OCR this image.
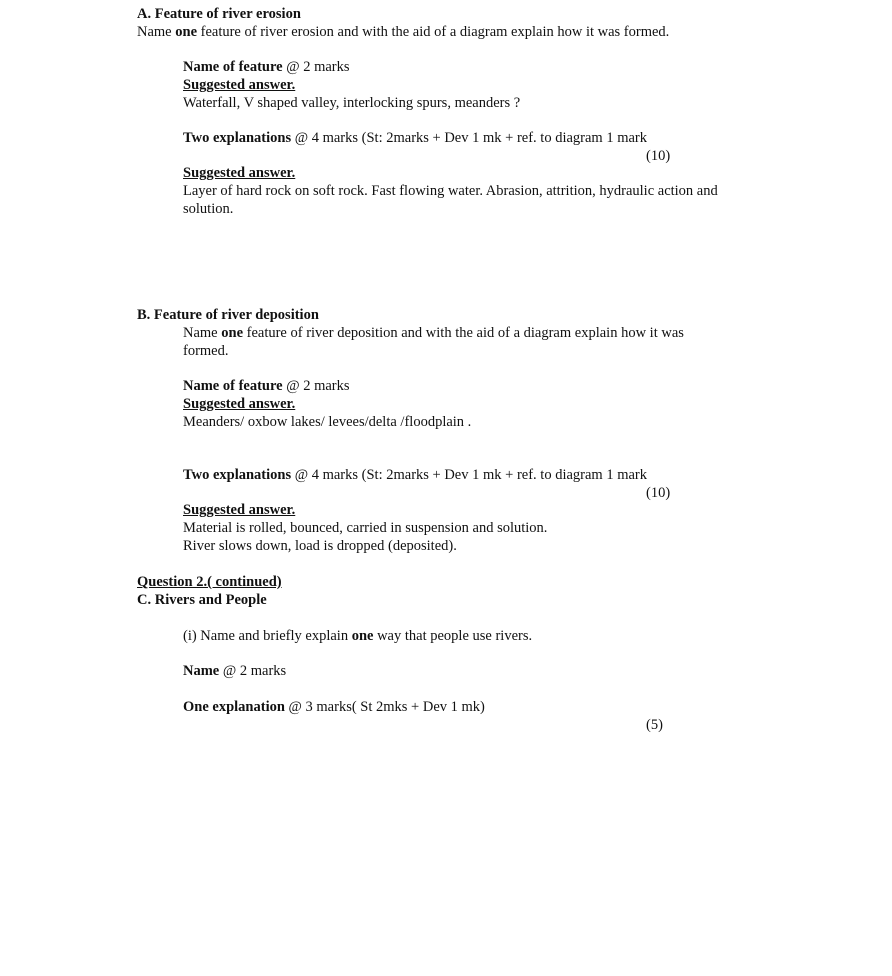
A. Feature of river erosion
Name one feature of river erosion and with the aid of a diagram explain how it was formed.
Name of feature @ 2 marks
Suggested answer.
Waterfall, V shaped valley, interlocking spurs, meanders ?
Two explanations @ 4 marks (St: 2marks + Dev 1 mk + ref. to diagram 1 mark
(10)
Suggested answer.
Layer of hard rock on soft rock. Fast flowing water. Abrasion, attrition, hydraulic action and
solution.
B. Feature of river deposition
Name one feature of river deposition and with the aid of a diagram explain how it was
formed.
Name of feature @ 2 marks
Suggested answer.
Meanders/ oxbow lakes/ levees/delta /floodplain .
Two explanations @ 4 marks (St: 2marks + Dev 1 mk + ref. to diagram 1 mark
(10)
Suggested answer.
Material is rolled, bounced, carried in suspension and solution.
River slows down, load is dropped (deposited).
Question 2.( continued)
C. Rivers and People
(i) Name and briefly explain one way that people use rivers.
Name @ 2 marks
One explanation @ 3 marks( St 2mks + Dev 1 mk)
(5)
